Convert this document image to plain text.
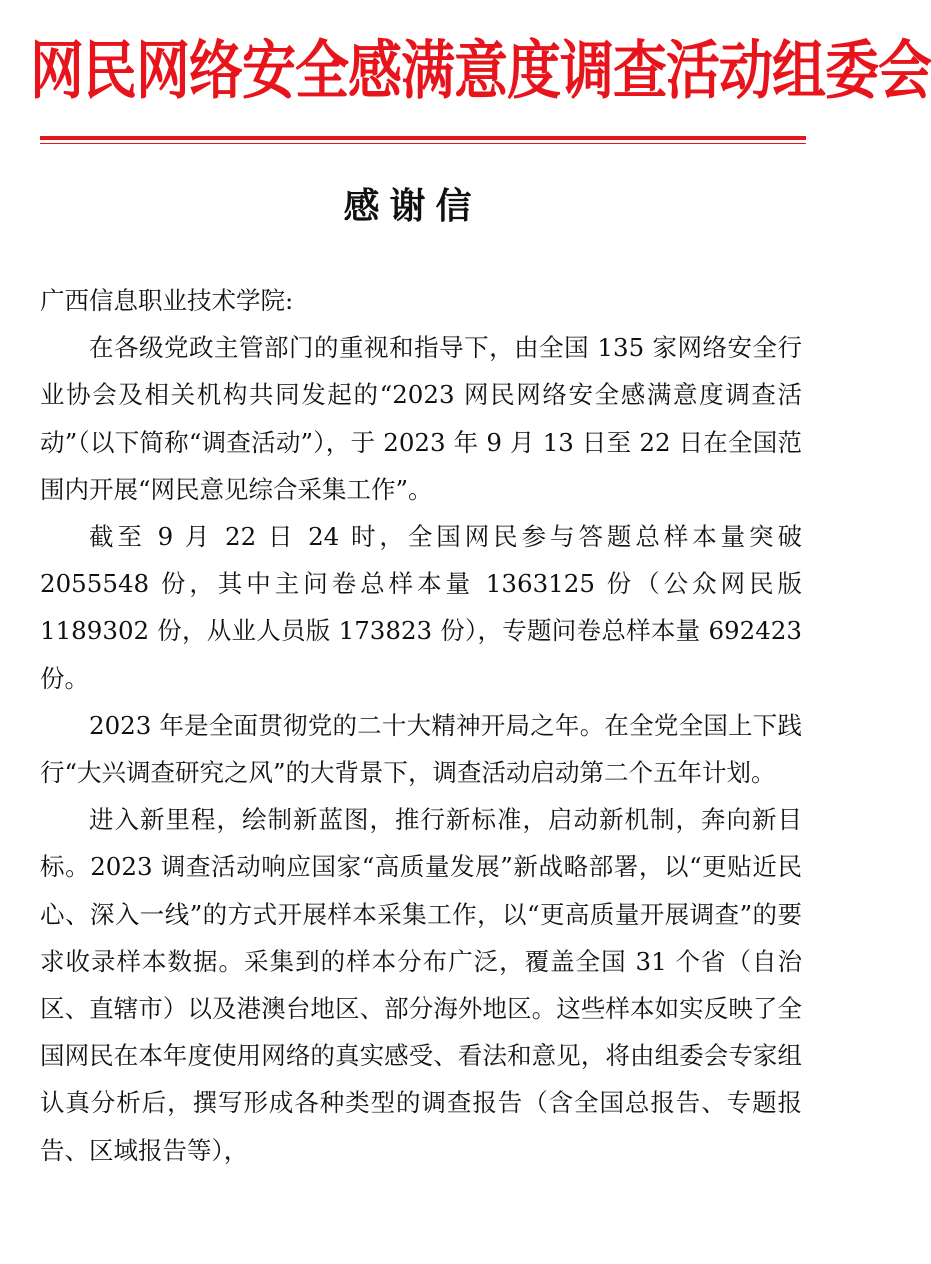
网民网络安全感满意度调查活动组委会
感谢信

广西信息职业技术学院:

在各级党政主管部门的重视和指导下，由全国 135 家网络安全行业协会及相关机构共同发起的“2023 网民网络安全感满意度调查活动”（以下简称“调查活动”），于 2023 年 9 月 13 日至 22 日在全国范围内开展“网民意见综合采集工作”。

截至 9 月 22 日 24 时，全国网民参与答题总样本量突破 2055548 份，其中主问卷总样本量 1363125 份（公众网民版 1189302 份，从业人员版 173823 份），专题问卷总样本量 692423 份。

2023 年是全面贯彻党的二十大精神开局之年。在全党全国上下践行“大兴调查研究之风”的大背景下，调查活动启动第二个五年计划。

进入新里程，绘制新蓝图，推行新标准，启动新机制，奔向新目标。2023 调查活动响应国家“高质量发展”新战略部署，以“更贴近民心、深入一线”的方式开展样本采集工作，以“更高质量开展调查”的要求收录样本数据。采集到的样本分布广泛，覆盖全国 31 个省（自治区、直辖市）以及港澳台地区、部分海外地区。这些样本如实反映了全国网民在本年度使用网络的真实感受、看法和意见，将由组委会专家组认真分析后，撰写形成各种类型的调查报告（含全国总报告、专题报告、区域报告等），
